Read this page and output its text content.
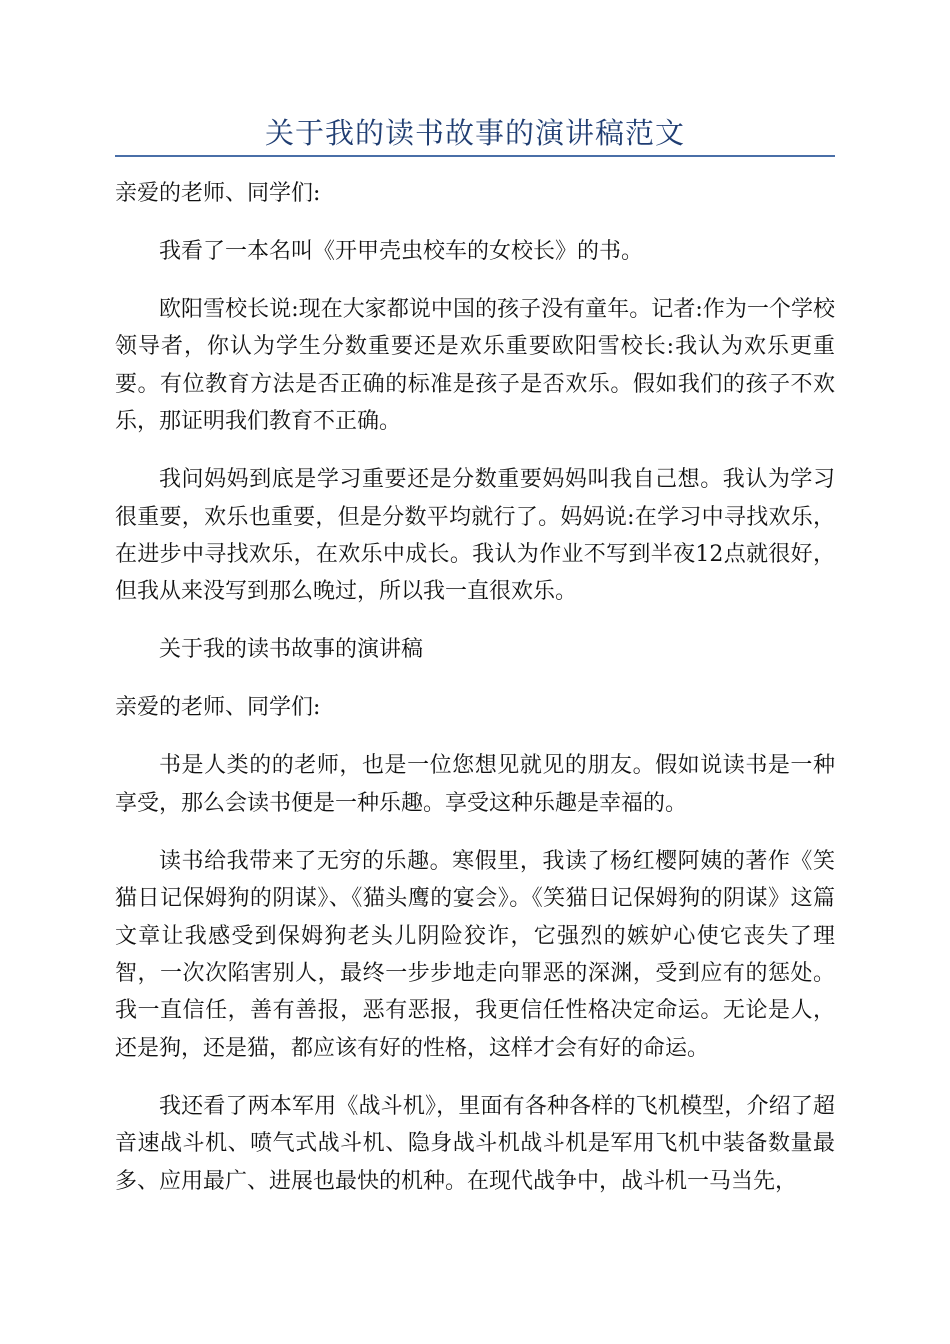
关于我的读书故事的演讲稿范文

亲爱的老师、同学们:

我看了一本名叫《开甲壳虫校车的女校长》的书。

欧阳雪校长说:现在大家都说中国的孩子没有童年。记者:作为一个学校领导者，你认为学生分数重要还是欢乐重要欧阳雪校长:我认为欢乐更重要。有位教育方法是否正确的标准是孩子是否欢乐。假如我们的孩子不欢乐，那证明我们教育不正确。

我问妈妈到底是学习重要还是分数重要妈妈叫我自己想。我认为学习很重要，欢乐也重要，但是分数平均就行了。妈妈说:在学习中寻找欢乐，在进步中寻找欢乐，在欢乐中成长。我认为作业不写到半夜12点就很好，但我从来没写到那么晚过，所以我一直很欢乐。

关于我的读书故事的演讲稿

亲爱的老师、同学们:

书是人类的的老师，也是一位您想见就见的朋友。假如说读书是一种享受，那么会读书便是一种乐趣。享受这种乐趣是幸福的。

读书给我带来了无穷的乐趣。寒假里，我读了杨红樱阿姨的著作《笑猫日记保姆狗的阴谋》、《猫头鹰的宴会》。《笑猫日记保姆狗的阴谋》这篇文章让我感受到保姆狗老头儿阴险狡诈，它强烈的嫉妒心使它丧失了理智，一次次陷害别人，最终一步步地走向罪恶的深渊，受到应有的惩处。我一直信任，善有善报，恶有恶报，我更信任性格决定命运。无论是人，还是狗，还是猫，都应该有好的性格，这样才会有好的命运。

我还看了两本军用《战斗机》，里面有各种各样的飞机模型，介绍了超音速战斗机、喷气式战斗机、隐身战斗机战斗机是军用飞机中装备数量最多、应用最广、进展也最快的机种。在现代战争中，战斗机一马当先，
